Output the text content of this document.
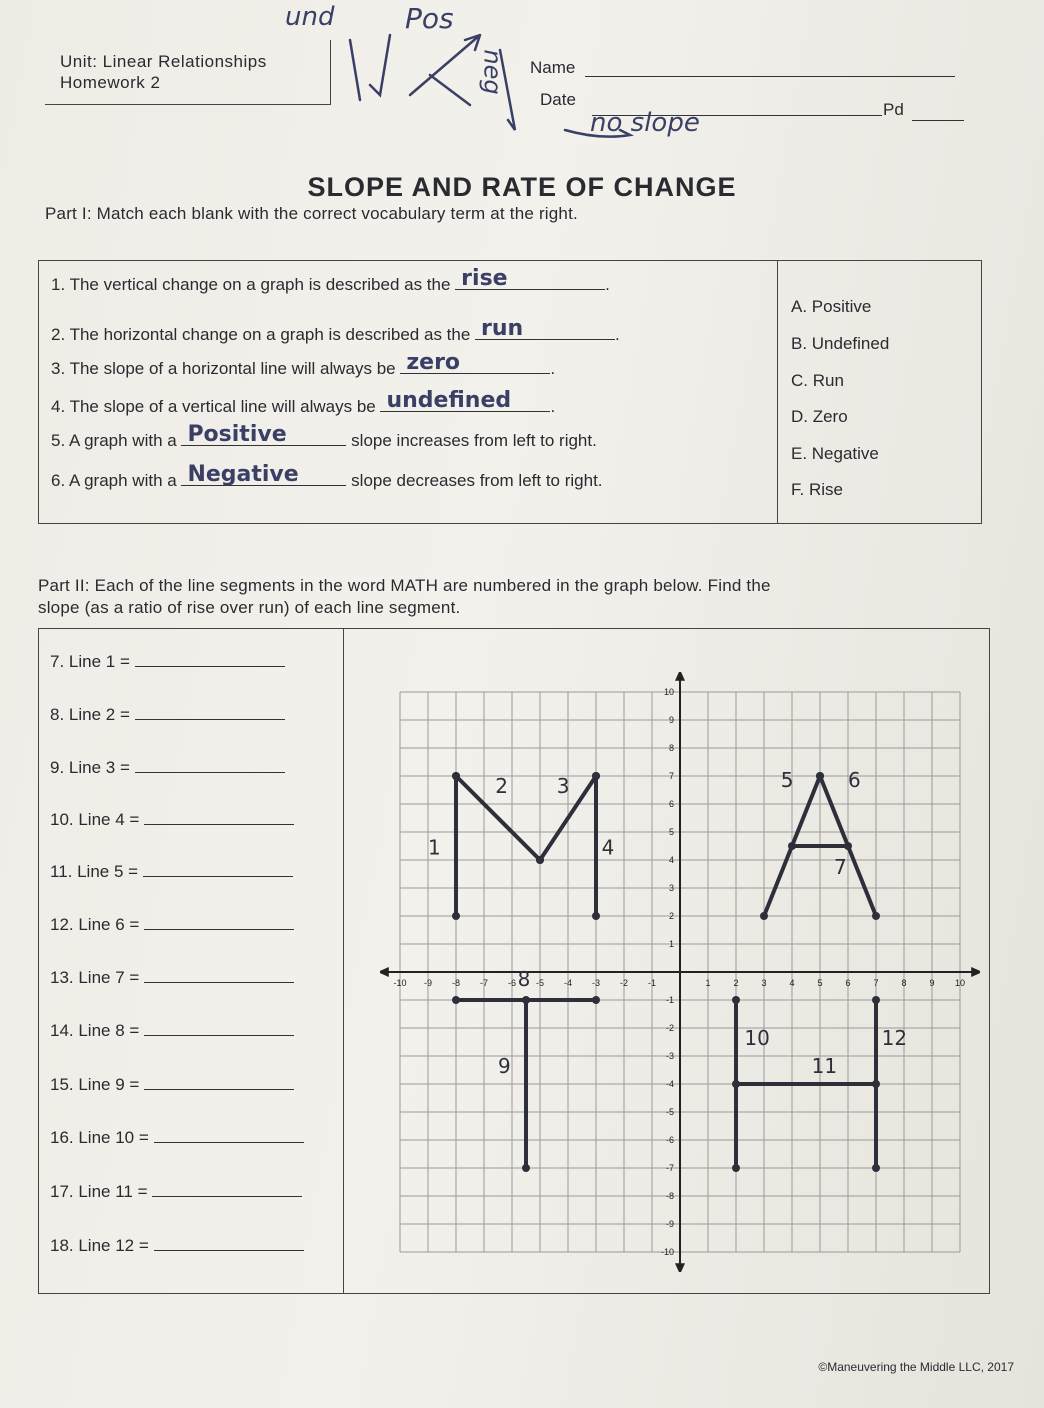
Unit: Linear Relationships
Homework 2
Name
Date
Pd
und	Pos
neg
no slope
SLOPE AND RATE OF CHANGE
Part I: Match each blank with the correct vocabulary term at the right.
1. The vertical change on a graph is described as the rise	.
2. The horizontal change on a graph is described as the run	.
3. The slope of a horizontal line will always be zero	.
4. The slope of a vertical line will always be undefined .
5. A graph with a Positive	slope increases from left to right.
6. A graph with a Negative	slope decreases from left to right.
A. Positive
B. Undefined
C. Run
D. Zero
E. Negative
F. Rise
Part II: Each of the line segments in the word MATH are numbered in the graph below. Find the
slope (as a ratio of rise over run) of each line segment.
7. Line 1 =
8. Line 2 =
9. Line 3 =
10. Line 4 =
11. Line 5 =
12. Line 6 =
13. Line 7 =
14. Line 8 =
15. Line 9 =
16. Line 10 =
17. Line 11 =
18. Line 12 =
-10 -9 -8 -7 -6 -5 -4 -3 -2 -1	1	2	3	4	5	6	7	8	9 10
10
9
8
7
6
5
4
3
2
1
-1
-2
-3
-4
-5
-6
-7
-8
-9
-10
1
2 3
4
5	6
7
8
9
10
11
12
©Maneuvering the Middle LLC, 2017
